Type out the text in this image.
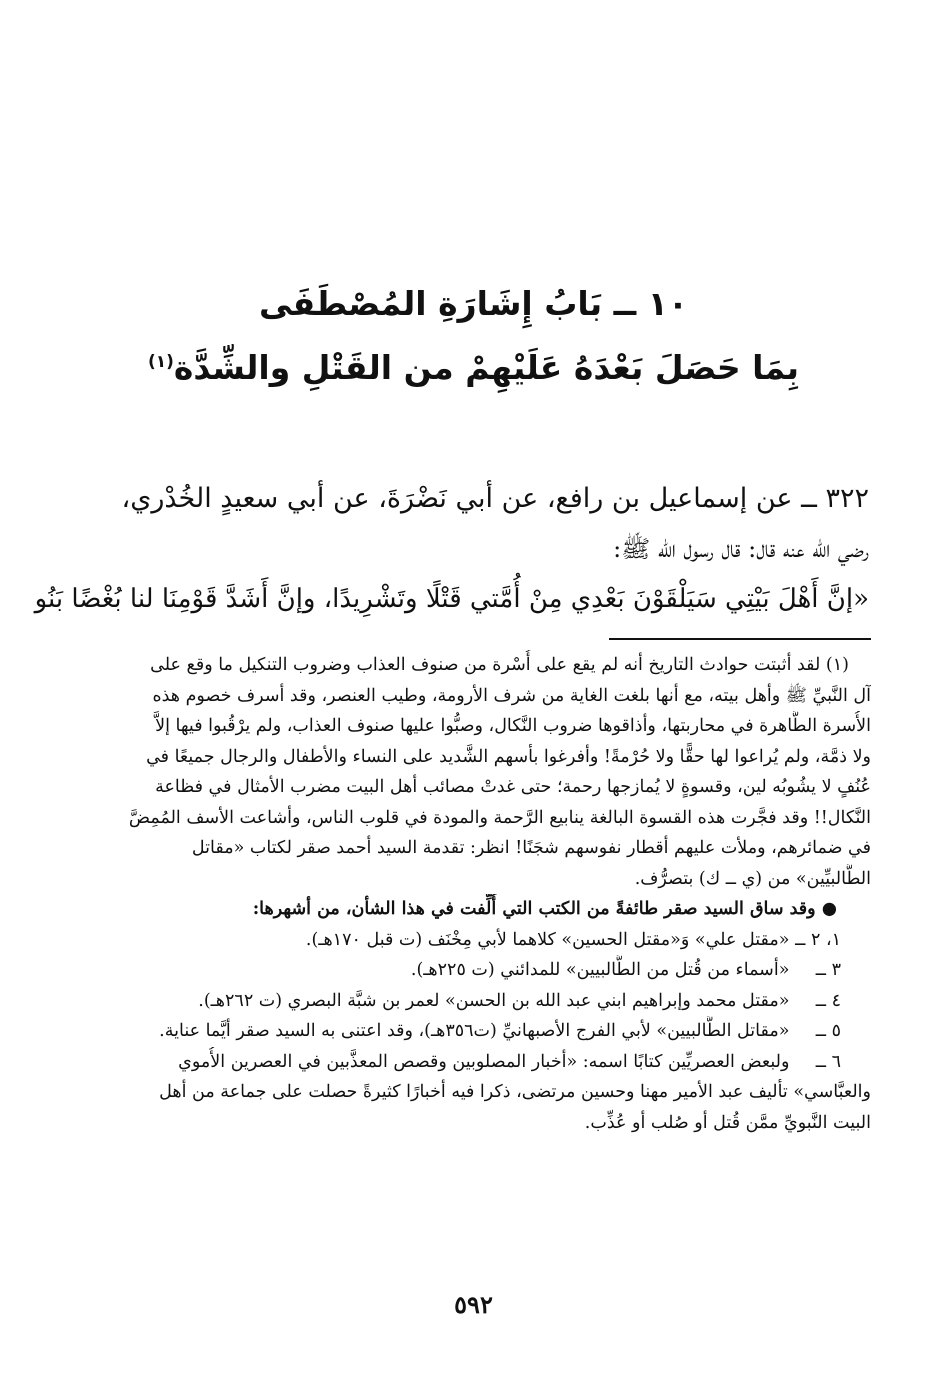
١٠ ــ بَابُ إِشَارَةِ المُصْطَفَى
بِمَا حَصَلَ بَعْدَهُ عَلَيْهِمْ من القَتْلِ والشِّدَّة$^{(١)}$

٣٢٢ ــ عن إسماعيل بن رافع، عن أبي نَضْرَةَ، عن أبي سعيدٍ الخُدْري،

رضي الله عنه قال: قال رسول الله ﷺ:

«إنَّ أَهْلَ بَيْتِي سَيَلْقَوْنَ بَعْدِي مِنْ أُمَّتي قَتْلًا وتَشْرِيدًا، وإنَّ أَشَدَّ قَوْمِنَا لنا بُغْضًا بَنُو

(١) لقد أثبتت حوادث التاريخ أنه لم يقع على أُسْرة من صنوف العذاب وضروب التنكيل ما وقع على

آل النَّبيِّ ﷺ وأهل بيته، مع أنها بلغت الغاية من شرف الأرومة، وطيب العنصر، وقد أسرف خصوم هذه

الأُسرة الطَّاهرة في محاربتها، وأذاقوها ضروب النَّكال، وصبُّوا عليها صنوف العذاب، ولم يرْقُبوا فيها إلاًّ

ولا ذمَّة، ولم يُراعوا لها حقًّا ولا حُرْمةً! وأفرغوا بأسهم الشَّديد على النساء والأطفال والرجال جميعًا في

عُنُفٍ لا يشُوبُه لين، وقسوةٍ لا يُمازجها رحمة؛ حتى غدتْ مصائب أهل البيت مضرب الأمثال في فظاعة

النَّكال!! وقد فجَّرت هذه القسوة البالغة ينابيع الرَّحمة والمودة في قلوب الناس، وأشاعت الأسف المُمِضَّ

في ضمائرهم، وملأت عليهم أقطار نفوسهم شجَنًا! انظر: تقدمة السيد أحمد صقر لكتاب «مقاتل

الطَّالبيِّين» من (ي ــ ك) بتصرُّف.

● وقد ساق السيد صقر طائفةً من الكتب التي أُلِّفت في هذا الشأن، من أشهرها:

١، ٢ ــ «مقتل علي» وَ«مقتل الحسين» كلاهما لأبي مِخْنَف (ت قبل ١٧٠هـ).

٣ ــ «أسماء من قُتل من الطَّالبيين» للمدائني (ت ٢٢٥هـ).

٤ ــ «مقتل محمد وإبراهيم ابني عبد الله بن الحسن» لعمر بن شبَّة البصري (ت ٢٦٢هـ).

٥ ــ «مقاتل الطَّالبيين» لأبي الفرج الأصبهانيِّ (ت٣٥٦هـ)، وقد اعتنى به السيد صقر أيَّما عناية.

٦ ــ ولبعض العصريِّين كتابًا اسمه: «أخبار المصلوبين وقصص المعذَّبين في العصرين الأُموي

والعبَّاسي» تأليف عبد الأمير مهنا وحسين مرتضى، ذكرا فيه أخبارًا كثيرةً حصلت على جماعة من أهل

البيت النَّبويِّ ممَّن قُتل أو صُلب أو عُذِّب.

٥٩٢
